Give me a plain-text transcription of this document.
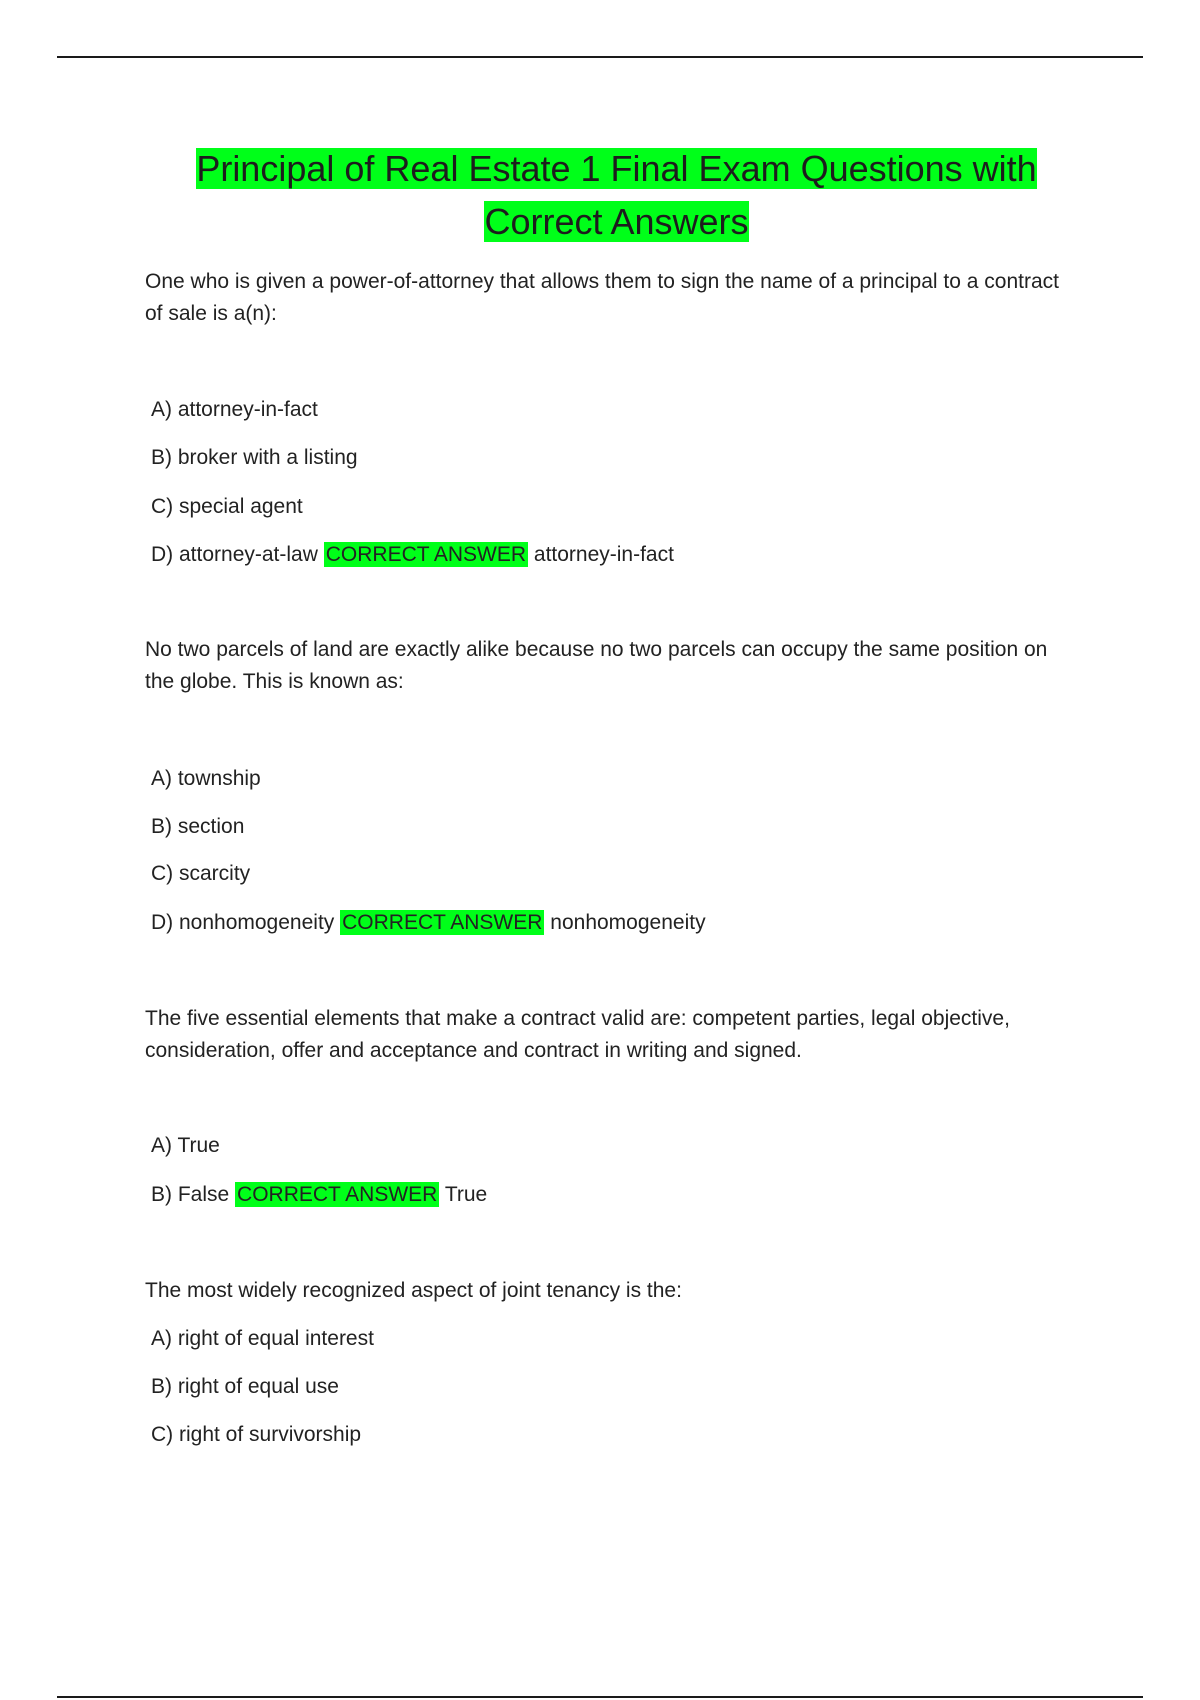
Principal of Real Estate 1 Final Exam Questions with
Correct Answers

One who is given a power-of-attorney that allows them to sign the name of a principal to a contract of sale is a(n):

A) attorney-in-fact

B) broker with a listing

C) special agent

D) attorney-at-law CORRECT ANSWER attorney-in-fact

No two parcels of land are exactly alike because no two parcels can occupy the same position on the globe. This is known as:

A) township

B) section

C) scarcity

D) nonhomogeneity CORRECT ANSWER nonhomogeneity

The five essential elements that make a contract valid are: competent parties, legal objective, consideration, offer and acceptance and contract in writing and signed.

A) True

B) False CORRECT ANSWER True

The most widely recognized aspect of joint tenancy is the:

A) right of equal interest

B) right of equal use

C) right of survivorship
